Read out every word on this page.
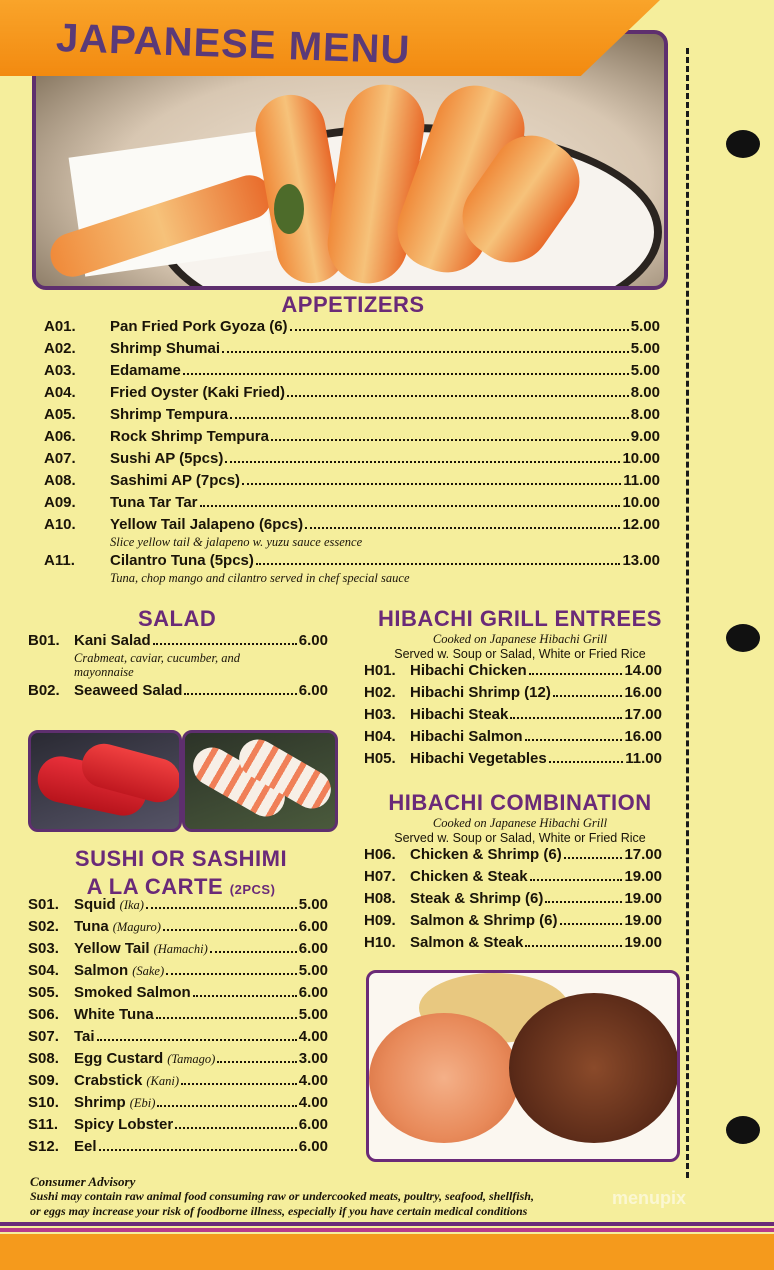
JAPANESE MENU
APPETIZERS
A01.	Pan Fried Pork Gyoza (6)	5.00
A02.	Shrimp Shumai	5.00
A03.	Edamame	5.00
A04.	Fried Oyster (Kaki Fried)	8.00
A05.	Shrimp Tempura	8.00
A06.	Rock Shrimp Tempura	9.00
A07.	Sushi AP (5pcs)	10.00
A08.	Sashimi AP (7pcs)	11.00
A09.	Tuna Tar Tar	10.00
A10.	Yellow Tail Jalapeno (6pcs)	12.00
Slice yellow tail & jalapeno w. yuzu sauce essence
A11.	Cilantro Tuna (5pcs)	13.00
Tuna, chop mango and cilantro served in chef special sauce
SALAD
B01. Kani Salad	6.00
Crabmeat, caviar, cucumber, and
mayonnaise
B02. Seaweed Salad	6.00
SUSHI OR SASHIMI
A LA CARTE (2PCS)
S01.	Squid (Ika)	5.00
S02.	Tuna (Maguro)	6.00
S03.	Yellow Tail (Hamachi)	6.00
S04.	Salmon (Sake)	5.00
S05.	Smoked Salmon	6.00
S06.	White Tuna	5.00
S07.	Tai	4.00
S08.	Egg Custard (Tamago)	3.00
S09.	Crabstick (Kani)	4.00
S10.	Shrimp (Ebi)	4.00
S11.	Spicy Lobster	6.00
S12.	Eel	6.00
HIBACHI GRILL ENTREES
Cooked on Japanese Hibachi Grill
Served w. Soup or Salad, White or Fried Rice
H01. Hibachi Chicken	14.00
H02. Hibachi Shrimp (12)	16.00
H03. Hibachi Steak	17.00
H04. Hibachi Salmon	16.00
H05. Hibachi Vegetables	11.00
HIBACHI COMBINATION
Cooked on Japanese Hibachi Grill
Served w. Soup or Salad, White or Fried Rice
H06. Chicken & Shrimp (6)	17.00
H07. Chicken & Steak	19.00
H08. Steak & Shrimp (6)	19.00
H09. Salmon & Shrimp (6)	19.00
H10. Salmon & Steak	19.00
Consumer Advisory
Sushi may contain raw animal food consuming raw or undercooked meats, poultry, seafood, shellfish,
or eggs may increase your risk of foodborne illness, especially if you have certain medical conditions
menupix
